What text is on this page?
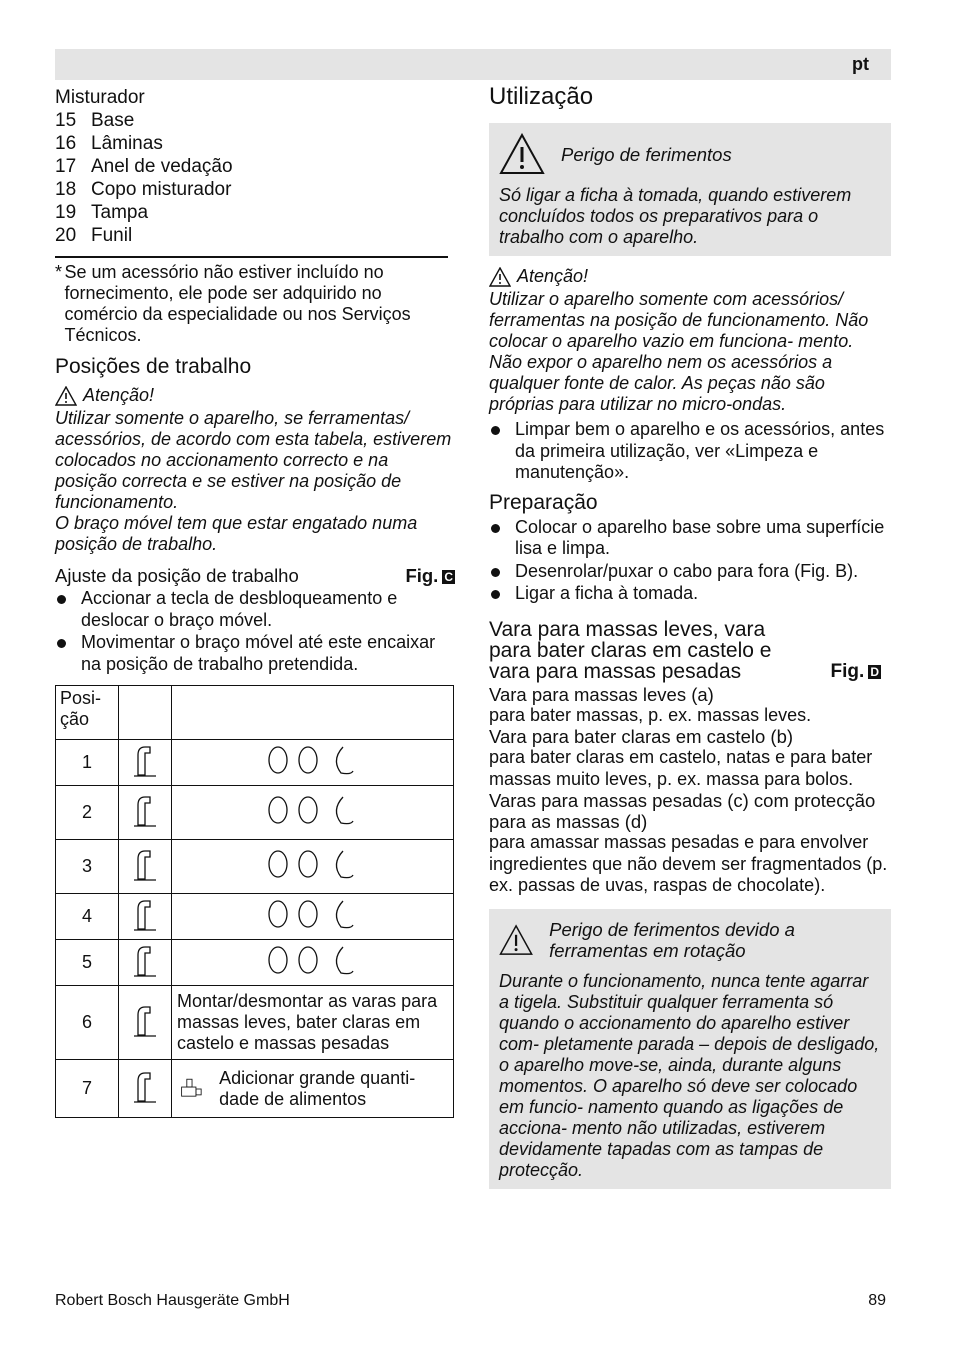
pt
Misturador
15 Base
16 Lâminas
17 Anel de vedação
18 Copo misturador
19 Tampa
20 Funil
* Se um acessório não estiver incluído no fornecimento, ele pode ser adquirido no comércio da especialidade ou nos Serviços Técnicos.
Posições de trabalho
Atenção!
Utilizar somente o aparelho, se ferramentas/ acessórios, de acordo com esta tabela, estiverem colocados no accionamento correcto e na posição correcta e se estiver na posição de funcionamento.
O braço móvel tem que estar engatado numa posição de trabalho.
Ajuste da posição de trabalho	Fig. C
Accionar a tecla de desbloqueamento e deslocar o braço móvel.
Movimentar o braço móvel até este encaixar na posição de trabalho pretendida.
Posi- ção		
1		

2		

3		

4		

5		

6		Montar/desmontar as varas para massas leves, bater claras em castelo e massas pesadas

7		Adicionar grande quanti- dade de alimentos
Utilização
Perigo de ferimentos
Só ligar a ficha à tomada, quando estiverem concluídos todos os preparativos para o trabalho com o aparelho.
Atenção!
Utilizar o aparelho somente com acessórios/ ferramentas na posição de funcionamento. Não colocar o aparelho vazio em funciona- mento. Não expor o aparelho nem os acessórios a qualquer fonte de calor. As peças não são próprias para utilizar no micro-ondas.
Limpar bem o aparelho e os acessórios, antes da primeira utilização, ver «Limpeza e manutenção».
Preparação
Colocar o aparelho base sobre uma superfície lisa e limpa.
Desenrolar/puxar o cabo para fora (Fig. B).
Ligar a ficha à tomada.
Vara para massas leves, vara para bater claras em castelo e vara para massas pesadas	Fig. D
Vara para massas leves (a)
para bater massas, p. ex. massas leves.
Vara para bater claras em castelo (b)
para bater claras em castelo, natas e para bater massas muito leves, p. ex. massa para bolos.
Varas para massas pesadas (c) com protecção para as massas (d)
para amassar massas pesadas e para envolver ingredientes que não devem ser fragmentados (p. ex. passas de uvas, raspas de chocolate).
Perigo de ferimentos devido a ferramentas em rotação
Durante o funcionamento, nunca tente agarrar a tigela. Substituir qualquer ferramenta só quando o accionamento do aparelho estiver com- pletamente parada – depois de desligado, o aparelho move-se, ainda, durante alguns momentos. O aparelho só deve ser colocado em funcio- namento quando as ligações de acciona- mento não utilizadas, estiverem devidamente tapadas com as tampas de protecção.
Robert Bosch Hausgeräte GmbH	89
